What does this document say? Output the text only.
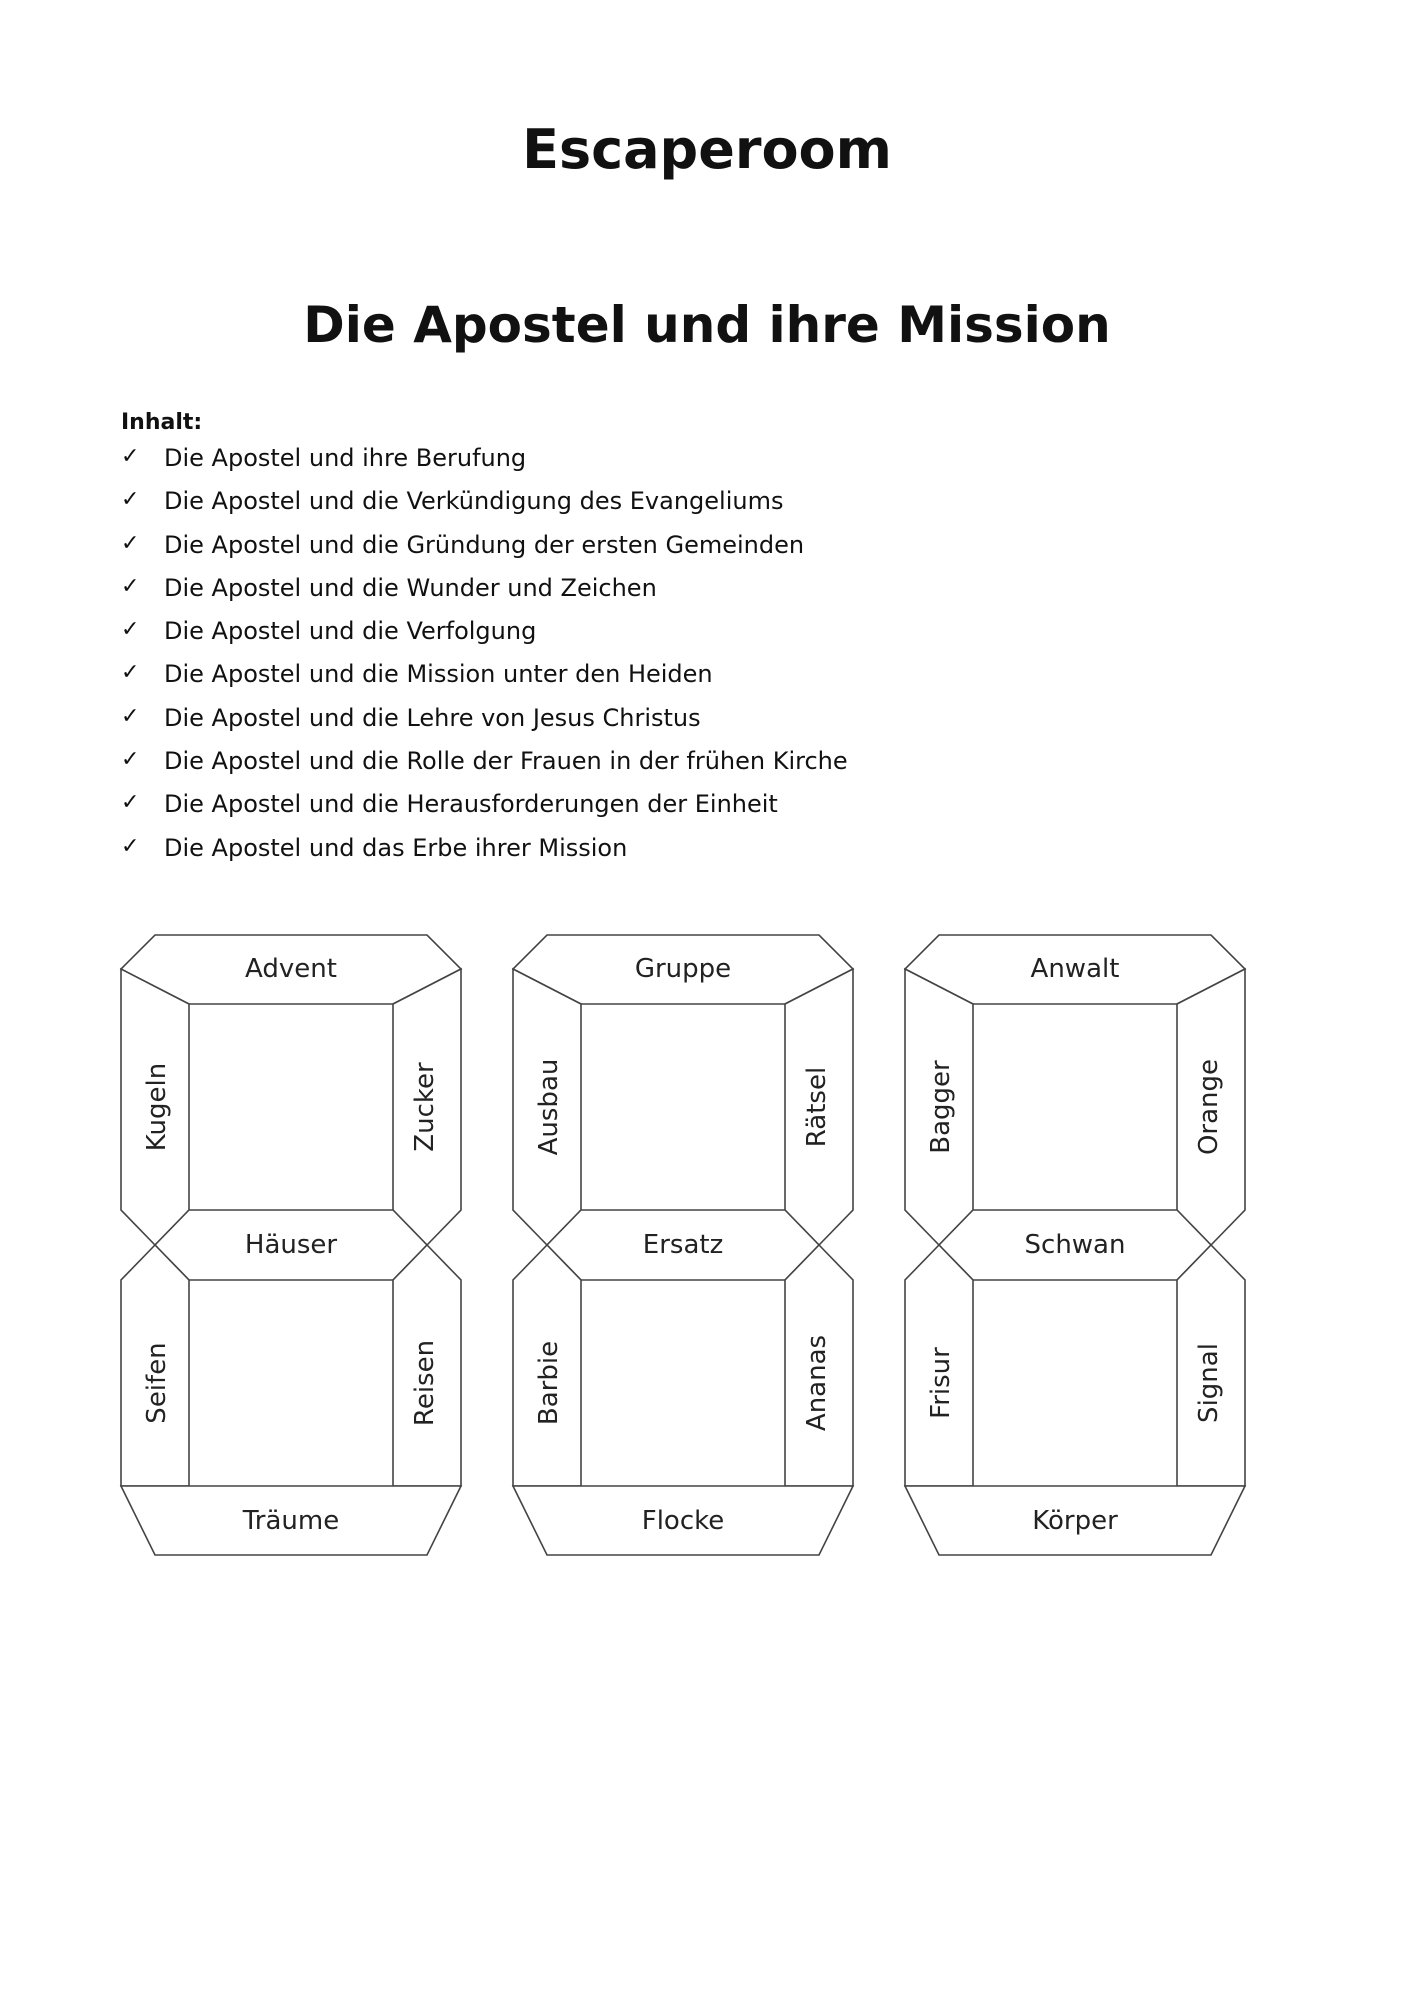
Escaperoom
Die Apostel und ihre Mission
Inhalt:
✓	Die Apostel und ihre Berufung
✓	Die Apostel und die Verkündigung des Evangeliums
✓	Die Apostel und die Gründung der ersten Gemeinden
✓	Die Apostel und die Wunder und Zeichen
✓	Die Apostel und die Verfolgung
✓	Die Apostel und die Mission unter den Heiden
✓	Die Apostel und die Lehre von Jesus Christus
✓	Die Apostel und die Rolle der Frauen in der frühen Kirche
✓	Die Apostel und die Herausforderungen der Einheit
✓	Die Apostel und das Erbe ihrer Mission
Advent
Kugeln	Zucker
Häuser
Seifen	Reisen
Träume
Gruppe
Ausbau	Rätsel
Ersatz
Barbie	Ananas
Flocke
Anwalt
Bagger	Orange
Schwan
Frisur	Signal
Körper
